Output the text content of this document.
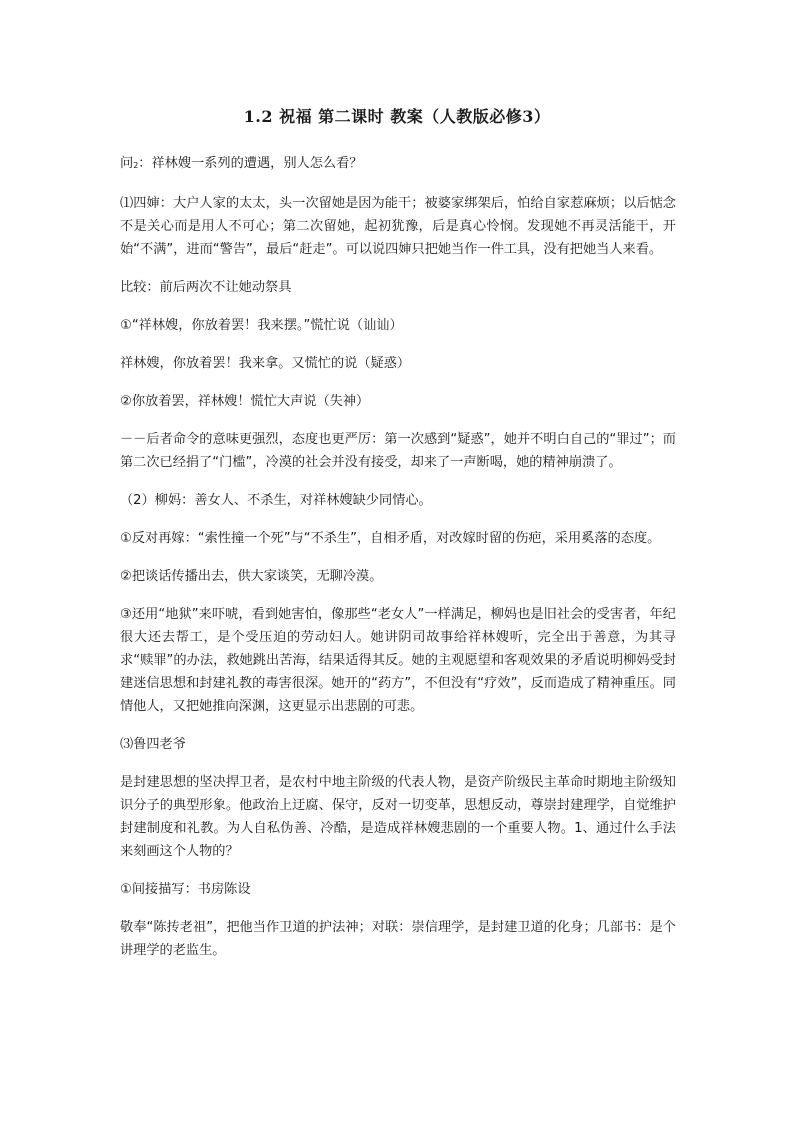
1.2 祝福 第二课时 教案（人教版必修3）

问2：祥林嫂一系列的遭遇，别人怎么看？

⑴四婶：大户人家的太太，头一次留她是因为能干；被婆家绑架后，怕给自家惹麻烦；以后惦念不是关心而是用人不可心；第二次留她，起初犹豫，后是真心怜悯。发现她不再灵活能干，开始“不满”，进而“警告”，最后“赶走”。可以说四婶只把她当作一件工具，没有把她当人来看。

比较：前后两次不让她动祭具

①“祥林嫂，你放着罢！我来摆。”慌忙说（讪讪）

祥林嫂，你放着罢！我来拿。又慌忙的说（疑惑）

②你放着罢，祥林嫂！慌忙大声说（失神）

－－后者命令的意味更强烈，态度也更严厉：第一次感到“疑惑”，她并不明白自己的“罪过”；而第二次已经捐了“门槛”，冷漠的社会并没有接受，却来了一声断喝，她的精神崩溃了。

（2）柳妈：善女人、不杀生，对祥林嫂缺少同情心。

①反对再嫁：“索性撞一个死”与“不杀生”，自相矛盾，对改嫁时留的伤疤，采用奚落的态度。

②把谈话传播出去，供大家谈笑，无聊冷漠。

③还用“地狱”来吓唬，看到她害怕，像那些“老女人”一样满足，柳妈也是旧社会的受害者，年纪很大还去帮工，是个受压迫的劳动妇人。她讲阴司故事给祥林嫂听，完全出于善意，为其寻求“赎罪”的办法，救她跳出苦海，结果适得其反。她的主观愿望和客观效果的矛盾说明柳妈受封建迷信思想和封建礼教的毒害很深。她开的“药方”，不但没有“疗效”，反而造成了精神重压。同情他人，又把她推向深渊，这更显示出悲剧的可悲。

⑶鲁四老爷

是封建思想的坚决捍卫者，是农村中地主阶级的代表人物，是资产阶级民主革命时期地主阶级知识分子的典型形象。他政治上迂腐、保守，反对一切变革，思想反动，尊崇封建理学，自觉维护封建制度和礼教。为人自私伪善、冷酷，是造成祥林嫂悲剧的一个重要人物。1、通过什么手法来刻画这个人物的？

①间接描写：书房陈设

敬奉“陈抟老祖”，把他当作卫道的护法神；对联：崇信理学，是封建卫道的化身；几部书：是个讲理学的老监生。
